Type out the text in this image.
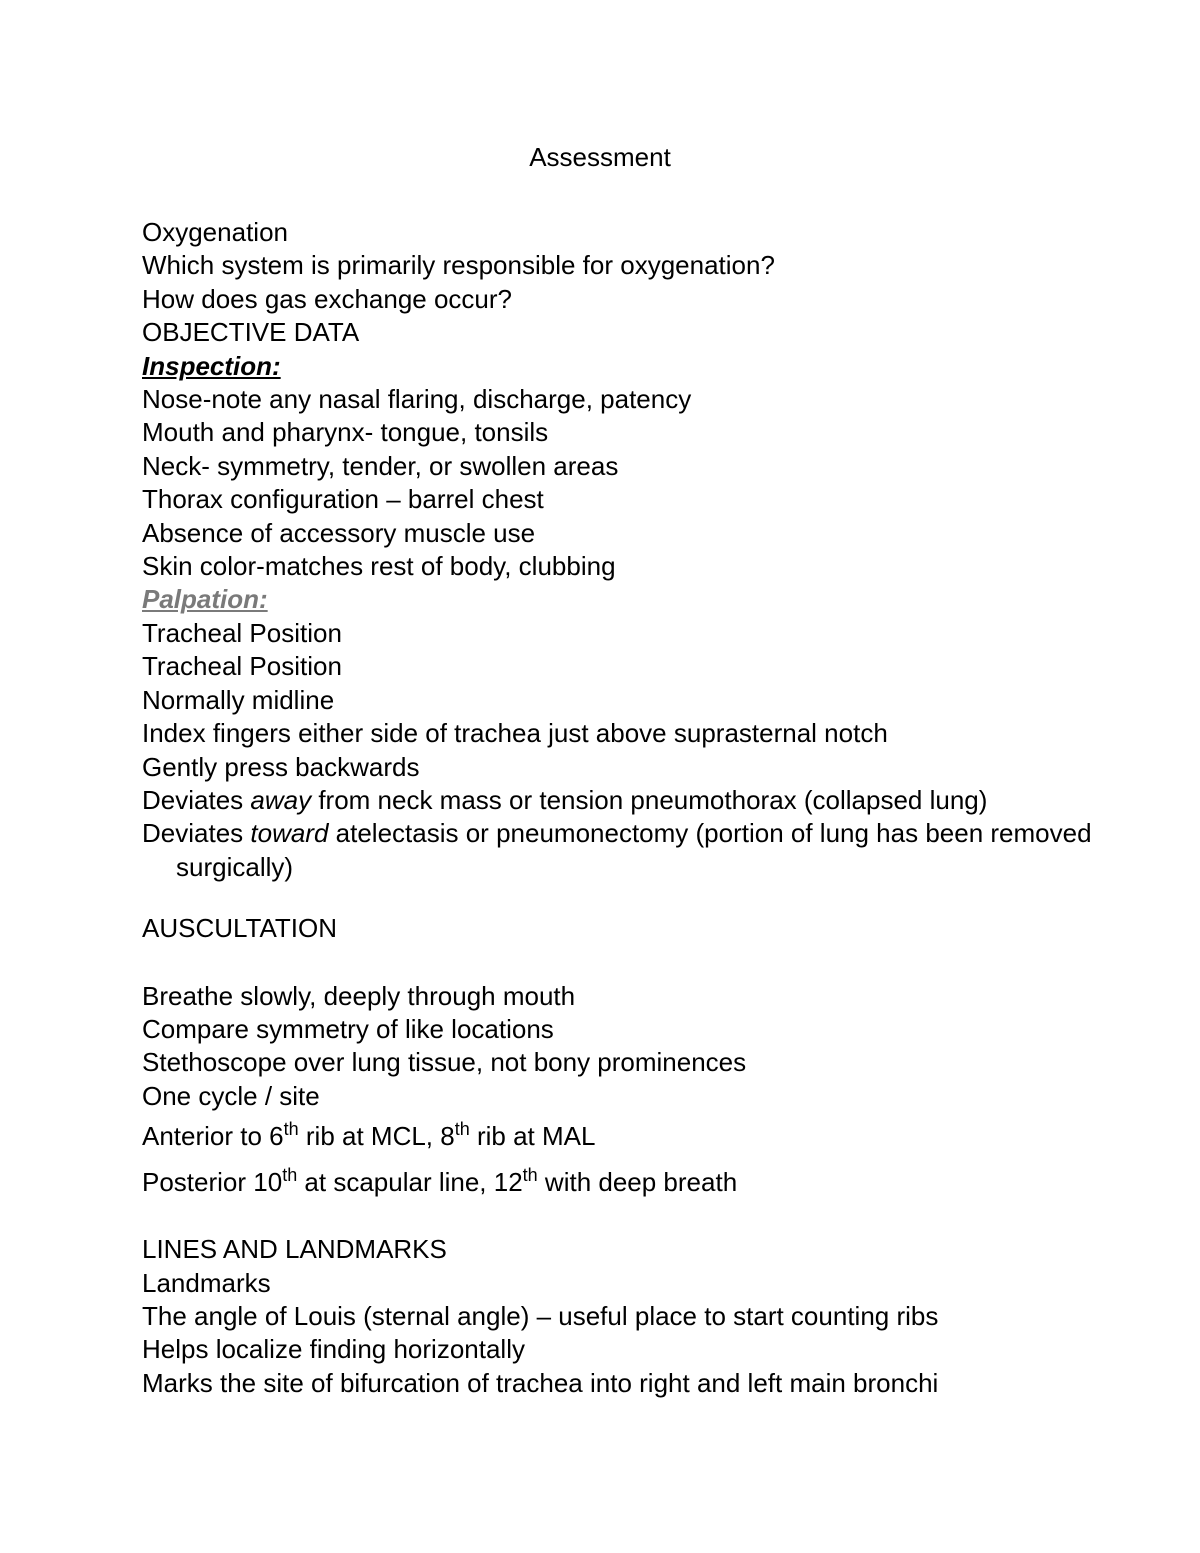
Assessment
Oxygenation
Which system is primarily responsible for oxygenation?
How does gas exchange occur?
OBJECTIVE DATA
Inspection:
Nose-note any nasal flaring, discharge, patency
Mouth and pharynx- tongue, tonsils
Neck- symmetry, tender, or swollen areas
Thorax configuration – barrel chest
Absence of accessory muscle use
Skin color-matches rest of body, clubbing
Palpation:
Tracheal Position
Tracheal Position
Normally midline
Index fingers either side of trachea just above suprasternal notch
Gently press backwards
Deviates away from neck mass or tension pneumothorax (collapsed lung)
Deviates toward atelectasis or pneumonectomy (portion of lung has been removed surgically)
AUSCULTATION
Breathe slowly, deeply through mouth
Compare symmetry of like locations
Stethoscope over lung tissue, not bony prominences
One cycle / site
Anterior to 6th rib at MCL, 8th rib at MAL
Posterior 10th at scapular line, 12th with deep breath
LINES AND LANDMARKS
Landmarks
The angle of Louis (sternal angle) – useful place to start counting ribs
Helps localize finding horizontally
Marks the site of bifurcation of trachea into right and left main bronchi
